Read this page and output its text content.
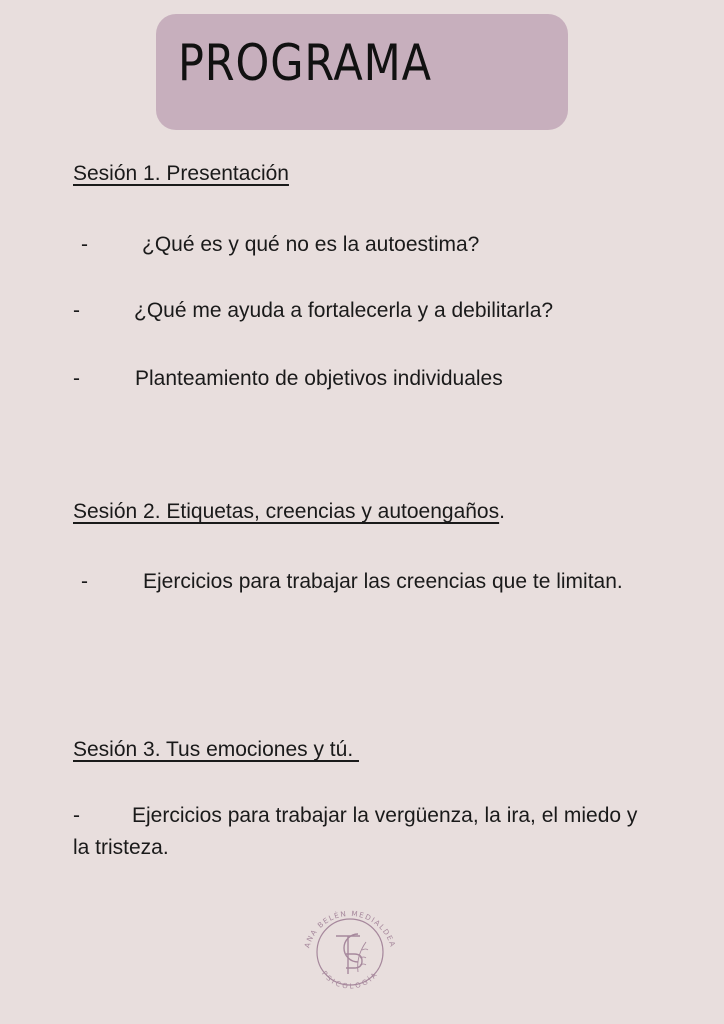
PROGRAMA
Sesión 1. Presentación
-	¿Qué es y qué no es la autoestima?
-	¿Qué me ayuda a fortalecerla y a debilitarla?
-	Planteamiento de objetivos individuales
Sesión 2. Etiquetas, creencias y autoengaños.
-	Ejercicios para trabajar las creencias que te limitan.
Sesión 3. Tus emociones y tú.
- Ejercicios para trabajar la vergüenza, la ira, el miedo y la tristeza.
ANA BELÉN MEDIALDEA
PSICOLOGÍA
